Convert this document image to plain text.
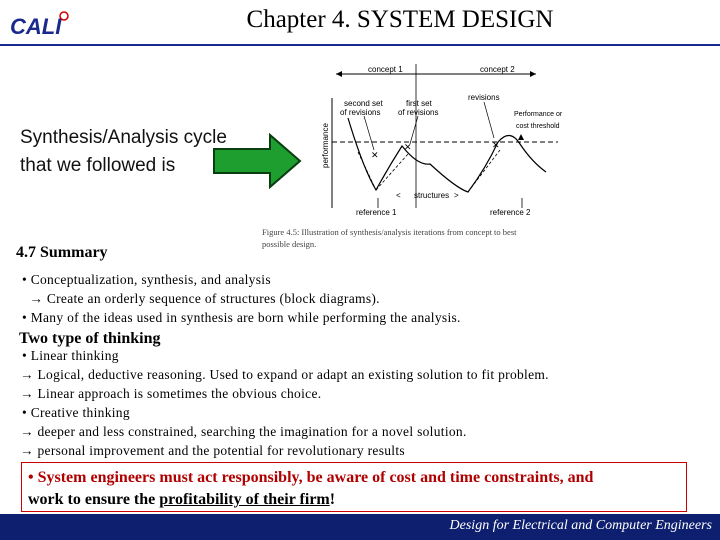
CALI	Chapter 4. SYSTEM DESIGN
Synthesis/Analysis cycle
that we followed is
concept 1	concept 2
revisions
second set
of revisions
first set
of revisions	Performance or
cost threshold
performance	✕
✕	✕
< structures >
reference 1	reference 2
Figure 4.5: Illustration of synthesis/analysis iterations from concept to best
possible design.
4.7 Summary
• Conceptualization, synthesis, and analysis
→ Create an orderly sequence of structures (block diagrams).
• Many of the ideas used in synthesis are born while performing the analysis.
Two type of thinking
• Linear thinking
→ Logical, deductive reasoning. Used to expand or adapt an existing solution to fit problem.
→ Linear approach is sometimes the obvious choice.
• Creative thinking
→ deeper and less constrained, searching the imagination for a novel solution.
→ personal improvement and the potential for revolutionary results
• System engineers must act responsibly, be aware of cost and time constraints, and
work to ensure the profitability of their firm!
Design for Electrical and Computer Engineers
